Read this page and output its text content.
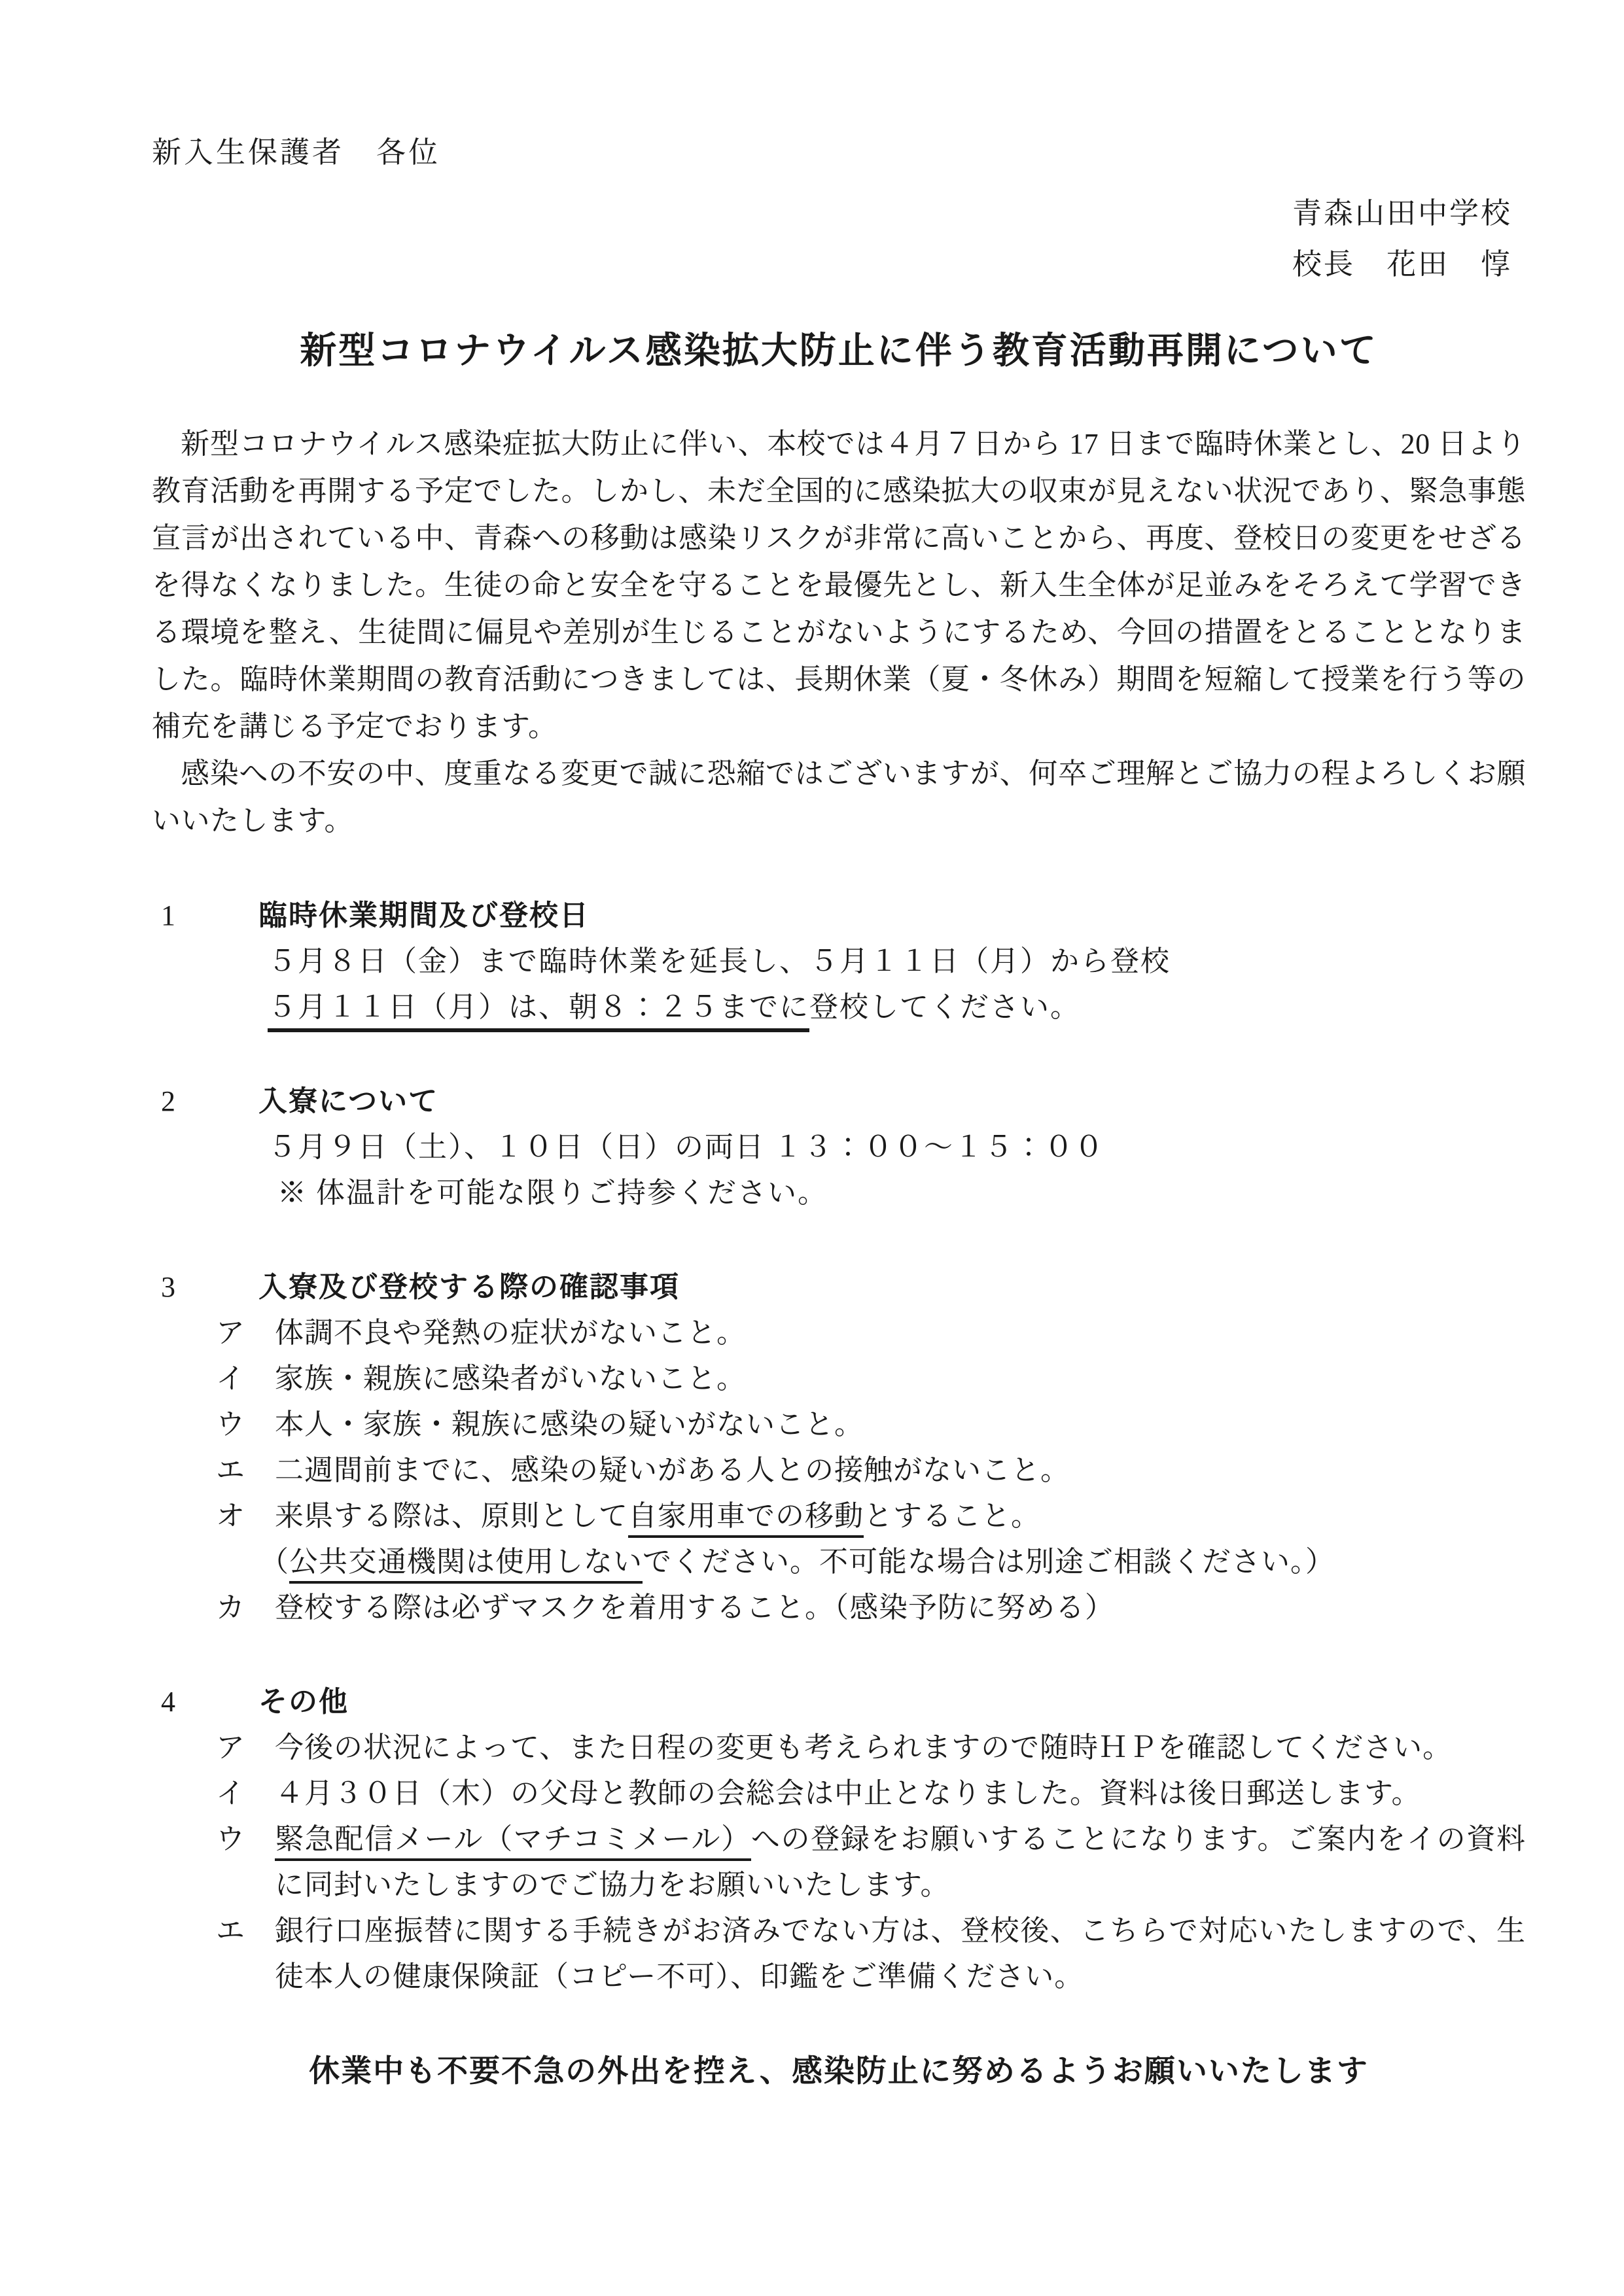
新入生保護者　各位
青森山田中学校
校長　花田　惇
新型コロナウイルス感染拡大防止に伴う教育活動再開について

新型コロナウイルス感染症拡大防止に伴い、本校では４月７日から 17 日まで臨時休業とし、20 日より教育活動を再開する予定でした。しかし、未だ全国的に感染拡大の収束が見えない状況であり、緊急事態宣言が出されている中、青森への移動は感染リスクが非常に高いことから、再度、登校日の変更をせざるを得なくなりました。生徒の命と安全を守ることを最優先とし、新入生全体が足並みをそろえて学習できる環境を整え、生徒間に偏見や差別が生じることがないようにするため、今回の措置をとることとなりました。臨時休業期間の教育活動につきましては、長期休業（夏・冬休み）期間を短縮して授業を行う等の補充を講じる予定でおります。

感染への不安の中、度重なる変更で誠に恐縮ではございますが、何卒ご理解とご協力の程よろしくお願いいたします。

1	臨時休業期間及び登校日
５月８日（金）まで臨時休業を延長し、５月１１日（月）から登校
５月１１日（月）は、朝８：２５までに登校してください。
2	入寮について
５月９日（土）、１０日（日）の両日 １３：００～１５：００
※ 体温計を可能な限りご持参ください。
3	入寮及び登校する際の確認事項
ア	体調不良や発熱の症状がないこと。
イ	家族・親族に感染者がいないこと。
ウ	本人・家族・親族に感染の疑いがないこと。
エ	二週間前までに、感染の疑いがある人との接触がないこと。
オ	来県する際は、原則として自家用車での移動とすること。
（公共交通機関は使用しないでください。不可能な場合は別途ご相談ください。）
カ	登校する際は必ずマスクを着用すること。（感染予防に努める）
4	その他
ア	今後の状況によって、また日程の変更も考えられますので随時ＨＰを確認してください。
イ	４月３０日（木）の父母と教師の会総会は中止となりました。資料は後日郵送します。
ウ	緊急配信メール（マチコミメール）への登録をお願いすることになります。ご案内をイの資料に同封いたしますのでご協力をお願いいたします。
エ	銀行口座振替に関する手続きがお済みでない方は、登校後、こちらで対応いたしますので、生徒本人の健康保険証（コピー不可）、印鑑をご準備ください。
休業中も不要不急の外出を控え、感染防止に努めるようお願いいたします
